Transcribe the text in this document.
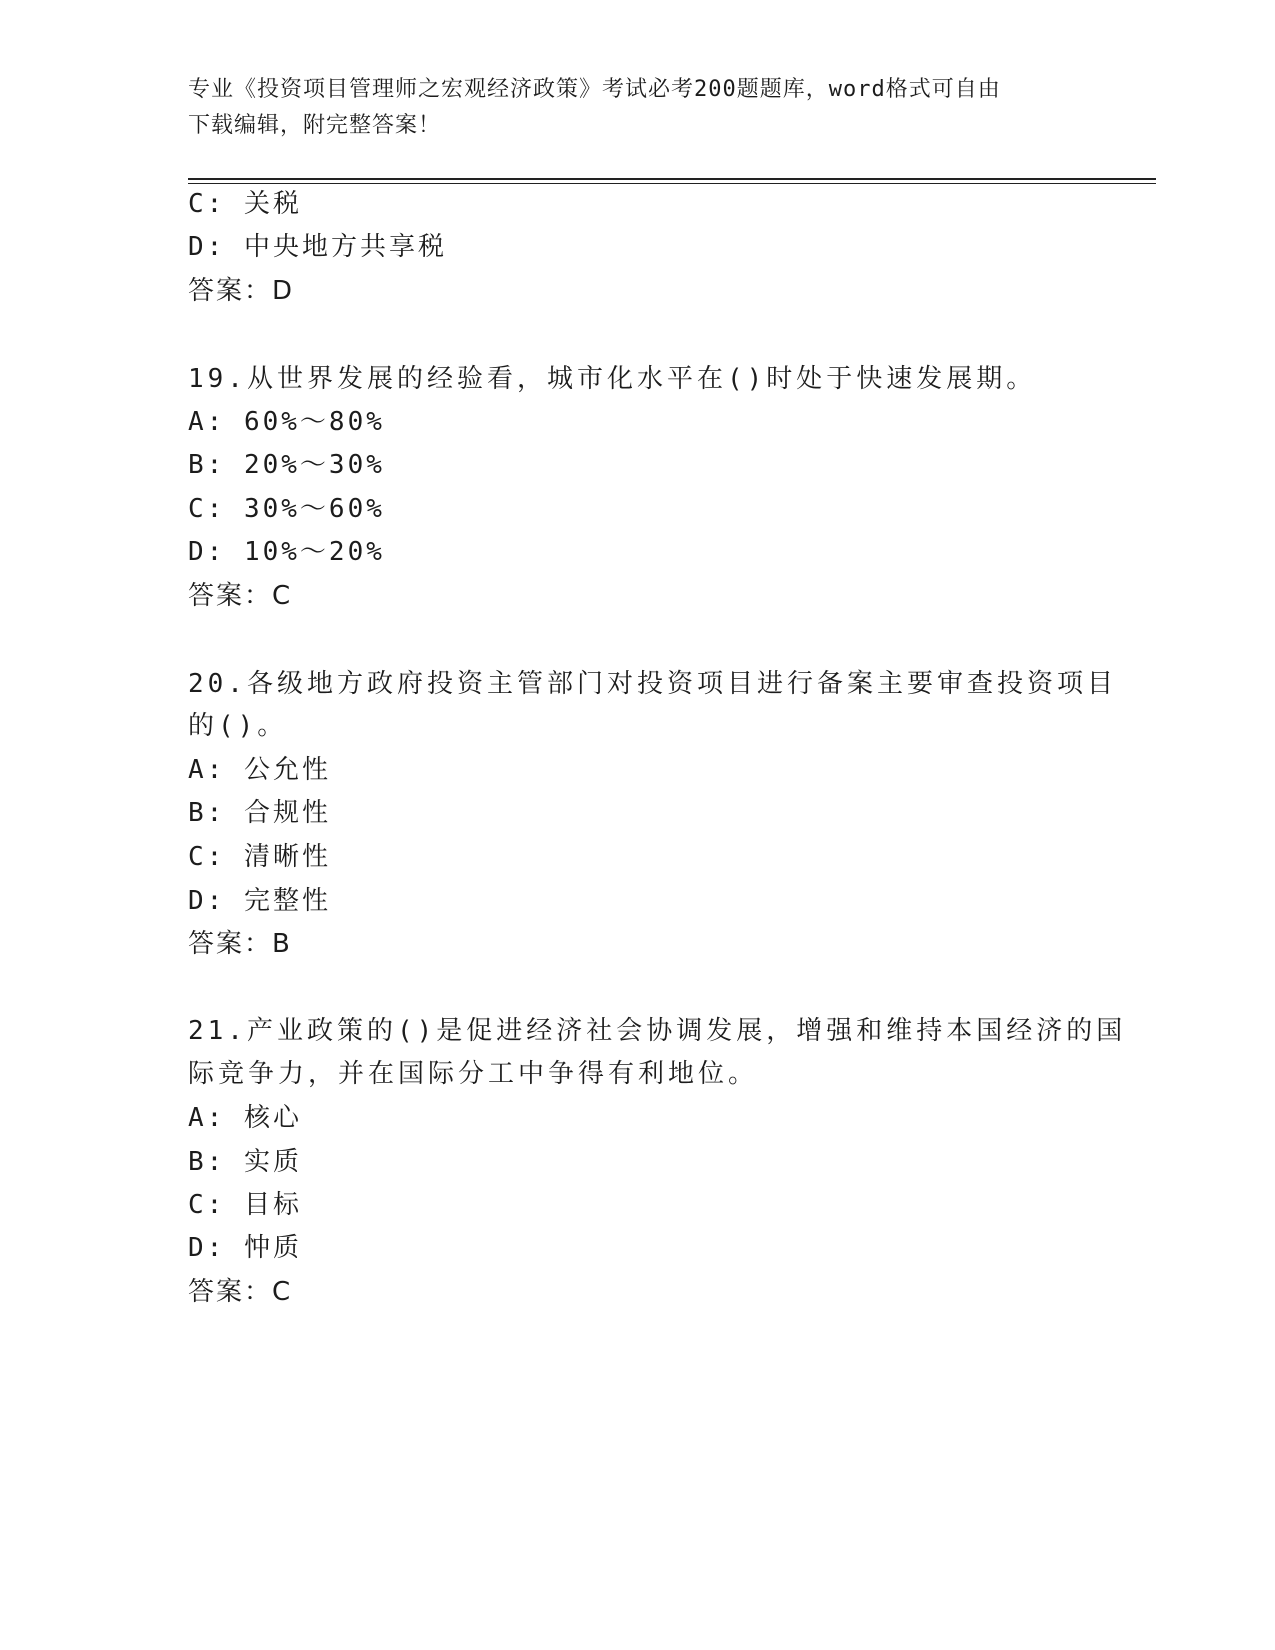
专业《投资项目管理师之宏观经济政策》考试必考200题题库，word格式可自由
下载编辑，附完整答案！
C: 关税
D: 中央地方共享税
答案：D
19.从世界发展的经验看，城市化水平在()时处于快速发展期。
A: 60%～80%
B: 20%～30%
C: 30%～60%
D: 10%～20%
答案：C
20.各级地方政府投资主管部门对投资项目进行备案主要审查投资项目
的()。
A: 公允性
B: 合规性
C: 清晰性
D: 完整性
答案：B
21.产业政策的()是促进经济社会协调发展，增强和维持本国经济的国
际竞争力，并在国际分工中争得有利地位。
A: 核心
B: 实质
C: 目标
D: 忡质
答案：C
